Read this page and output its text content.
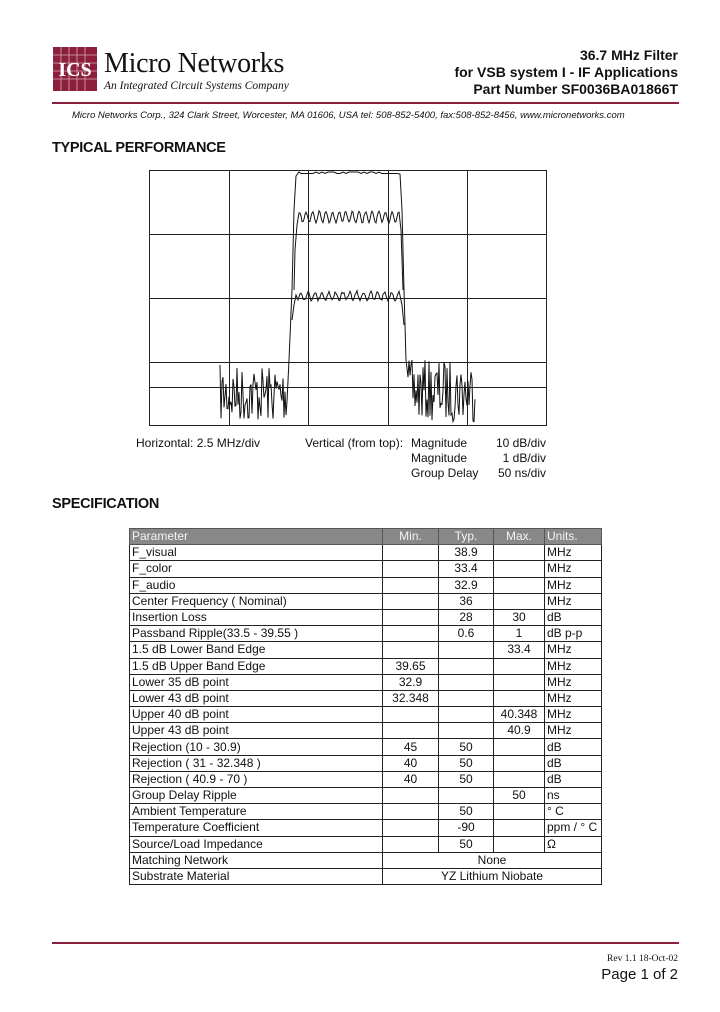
ICS Micro Networks
An Integrated Circuit Systems Company
36.7 MHz Filter
for VSB system I - IF Applications
Part Number SF0036BA01866T
Micro Networks Corp., 324 Clark Street, Worcester, MA 01606, USA tel: 508-852-5400, fax:508-852-8456, www.micronetworks.com
TYPICAL PERFORMANCE
Horizontal: 2.5 MHz/div	Vertical (from top): Magnitude
Magnitude
Group Delay
10 dB/div
1 dB/div
50 ns/div
SPECIFICATION
Parameter	Min.	Typ.	Max.	Units.
F_visual		38.9		MHz
F_color		33.4		MHz
F_audio		32.9		MHz
Center Frequency ( Nominal)		36		MHz
Insertion Loss		28	30	dB
Passband Ripple(33.5 - 39.55 )		0.6	1	dB p-p
1.5 dB Lower Band Edge			33.4	MHz
1.5 dB Upper Band Edge	39.65			MHz
Lower 35 dB point	32.9			MHz
Lower 43 dB point	32.348			MHz
Upper 40 dB point			40.348	MHz
Upper 43 dB point			40.9	MHz
Rejection (10 - 30.9)	45	50		dB
Rejection ( 31 - 32.348 )	40	50		dB
Rejection ( 40.9 - 70 )	40	50		dB
Group Delay Ripple			50	ns
Ambient Temperature		50		° C
Temperature Coefficient		-90		ppm / ° C
Source/Load Impedance		50		Ω
Matching Network	None			
Substrate Material	YZ Lithium Niobate			
Rev 1.1 18-Oct-02
Page 1 of 2
